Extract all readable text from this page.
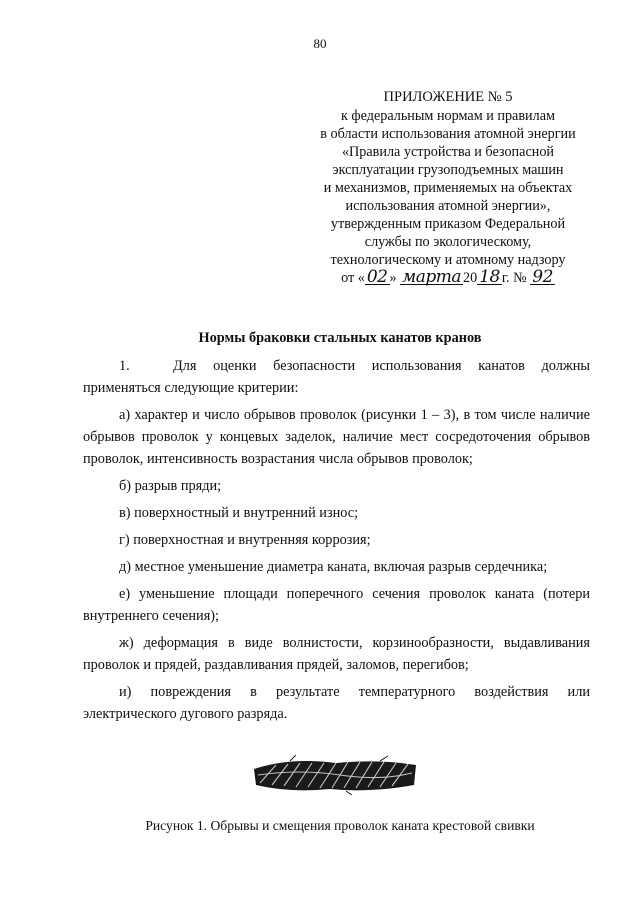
80
ПРИЛОЖЕНИЕ № 5
к федеральным нормам и правилам
в области использования атомной энергии
«Правила устройства и безопасной
эксплуатации грузоподъемных машин
и механизмов, применяемых на объектах
использования атомной энергии»,
утвержденным приказом Федеральной
службы по экологическому,
технологическому и атомному надзору
от « 02 » марта 20 18 г. № 92
Нормы браковки стальных канатов кранов

1.	Для оценки безопасности использования канатов должны применяться следующие критерии:

а) характер и число обрывов проволок (рисунки 1 – 3), в том числе наличие обрывов проволок у концевых заделок, наличие мест сосредоточения обрывов проволок, интенсивность возрастания числа обрывов проволок;

б) разрыв пряди;

в) поверхностный и внутренний износ;

г) поверхностная и внутренняя коррозия;

д) местное уменьшение диаметра каната, включая разрыв сердечника;

е) уменьшение площади поперечного сечения проволок каната (потери внутреннего сечения);

ж) деформация в виде волнистости, корзинообразности, выдавливания проволок и прядей, раздавливания прядей, заломов, перегибов;

и) повреждения в результате температурного воздействия или электрического дугового разряда.

Рисунок 1. Обрывы и смещения проволок каната крестовой свивки
